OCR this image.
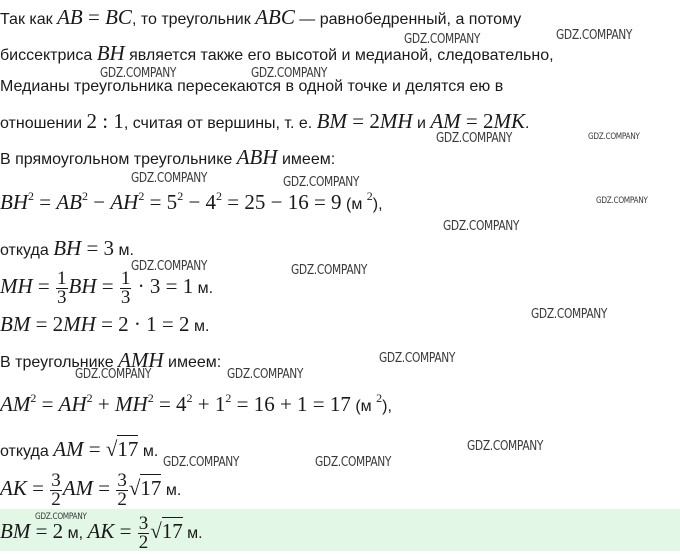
Так как AB = BC, то треугольник ABC — равнобедренный, а потому
биссектриса BH является также его высотой и медианой, следовательно,
Медианы треугольника пересекаются в одной точке и делятся ею в
отношении 2 : 1, считая от вершины, т. е. BM = 2MH и AM = 2MK.
В прямоугольном треугольнике ABH имеем:
$BH^2 = AB^2 - AH^2 = 5^2 - 4^2 = 25 - 16 = 9$ (м $^2$),
откуда BH = 3 м.
MH = $\frac{1}{3}$ BH = $\frac{1}{3} \cdot 3 = 1$ м.
BM = 2MH = 2 · 1 = 2 м.
В треугольнике AMH имеем:
$AM^2 = AH^2 + MH^2 = 4^2 + 1^2 = 16 + 1 = 17$ (м $^2$),
откуда AM = √17 м.
AK = $\frac{3}{2}$ AM = $\frac{3}{2} √17$ м.
BM = 2 м, AK = $\frac{3}{2} √17$ м.
GDZ.COMPANY	GDZ.COMPANY
GDZ.COMPANY	GDZ.COMPANY
GDZ.COMPANY	GDZ.COMPANY
GDZ.COMPANY	GDZ.COMPANY
GDZ.COMPANY
GDZ.COMPANY
GDZ.COMPANY	GDZ.COMPANY
GDZ.COMPANY
GDZ.COMPANY
GDZ.COMPANY	GDZ.COMPANY
GDZ.COMPANY
GDZ.COMPANY	GDZ.COMPANY
GDZ.COMPANY
